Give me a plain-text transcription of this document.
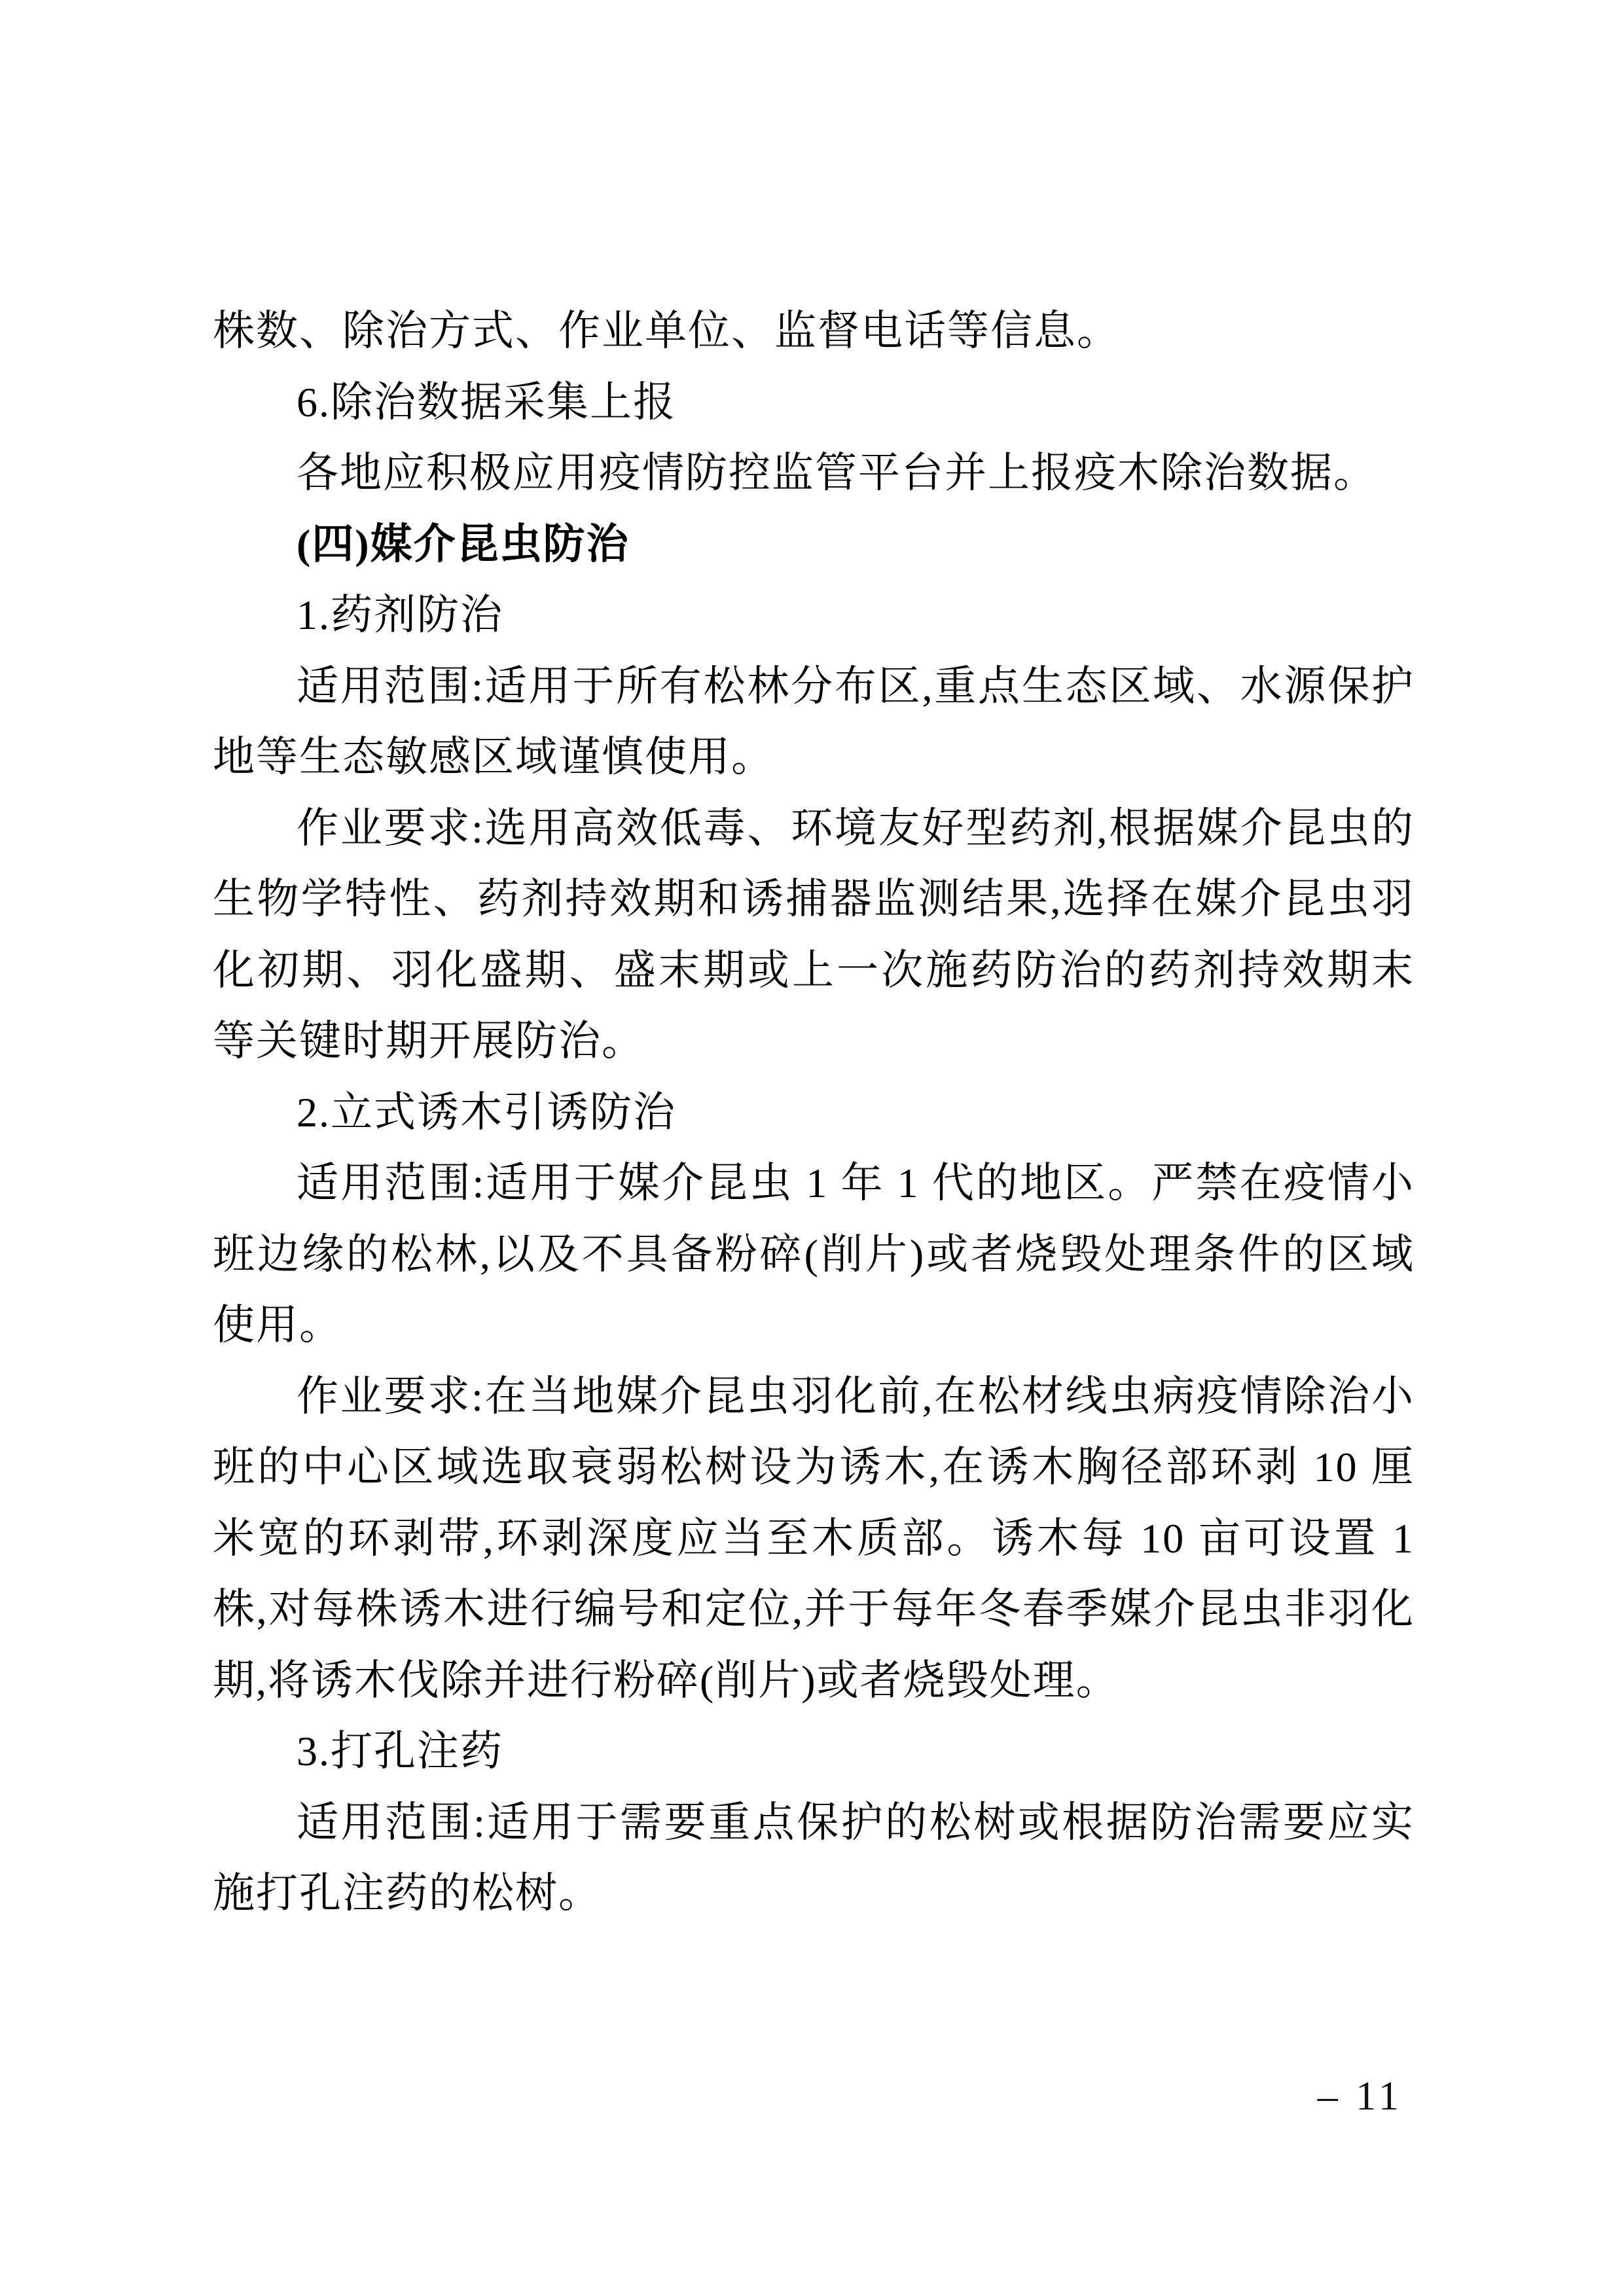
株数、除治方式、作业单位、监督电话等信息。

6.除治数据采集上报

各地应积极应用疫情防控监管平台并上报疫木除治数据。

(四)媒介昆虫防治

1.药剂防治

适用范围:适用于所有松林分布区,重点生态区域、水源保护地等生态敏感区域谨慎使用。

作业要求:选用高效低毒、环境友好型药剂,根据媒介昆虫的生物学特性、药剂持效期和诱捕器监测结果,选择在媒介昆虫羽化初期、羽化盛期、盛末期或上一次施药防治的药剂持效期末等关键时期开展防治。

2.立式诱木引诱防治

适用范围:适用于媒介昆虫 1 年 1 代的地区。严禁在疫情小班边缘的松林,以及不具备粉碎(削片)或者烧毁处理条件的区域使用。

作业要求:在当地媒介昆虫羽化前,在松材线虫病疫情除治小班的中心区域选取衰弱松树设为诱木,在诱木胸径部环剥 10 厘米宽的环剥带,环剥深度应当至木质部。诱木每 10 亩可设置 1 株,对每株诱木进行编号和定位,并于每年冬春季媒介昆虫非羽化期,将诱木伐除并进行粉碎(削片)或者烧毁处理。

3.打孔注药

适用范围:适用于需要重点保护的松树或根据防治需要应实施打孔注药的松树。

– 11
